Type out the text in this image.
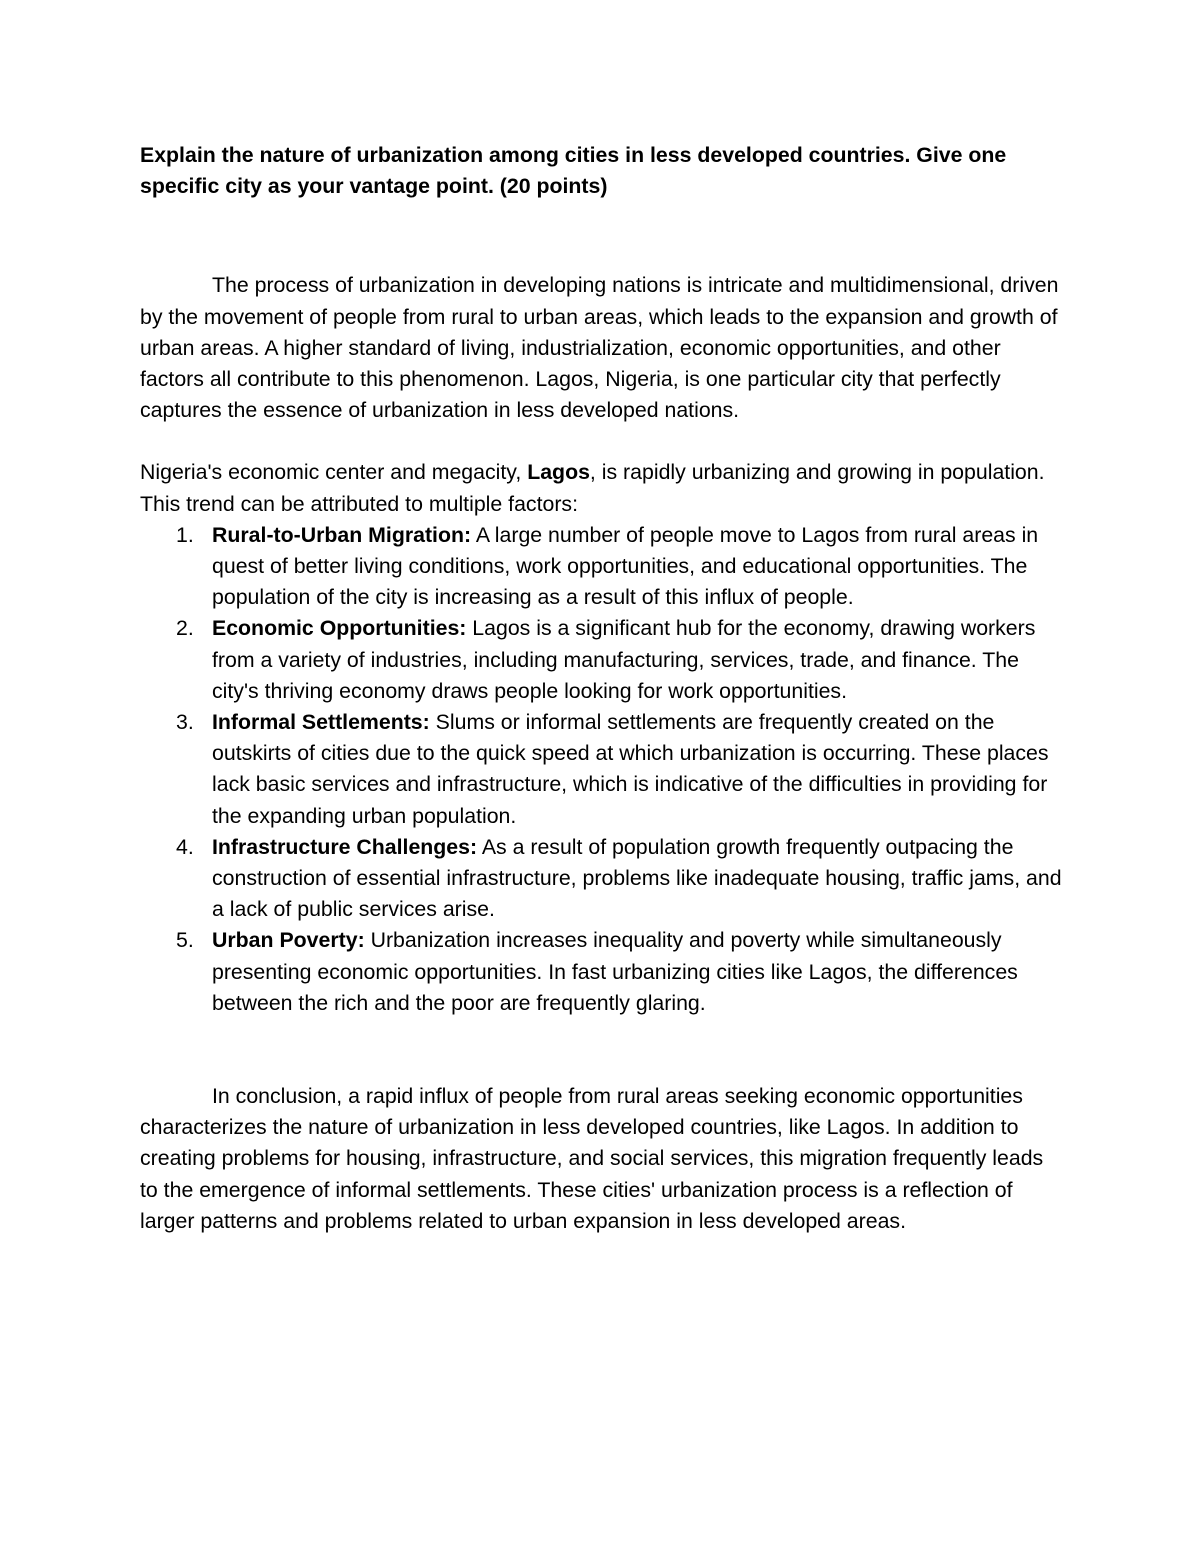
Explain the nature of urbanization among cities in less developed countries. Give one specific city as your vantage point. (20 points)

The process of urbanization in developing nations is intricate and multidimensional, driven by the movement of people from rural to urban areas, which leads to the expansion and growth of urban areas. A higher standard of living, industrialization, economic opportunities, and other factors all contribute to this phenomenon. Lagos, Nigeria, is one particular city that perfectly captures the essence of urbanization in less developed nations.

Nigeria's economic center and megacity, Lagos, is rapidly urbanizing and growing in population. This trend can be attributed to multiple factors:

1. Rural-to-Urban Migration: A large number of people move to Lagos from rural areas in quest of better living conditions, work opportunities, and educational opportunities. The population of the city is increasing as a result of this influx of people.
2. Economic Opportunities: Lagos is a significant hub for the economy, drawing workers from a variety of industries, including manufacturing, services, trade, and finance. The city's thriving economy draws people looking for work opportunities.
3. Informal Settlements: Slums or informal settlements are frequently created on the outskirts of cities due to the quick speed at which urbanization is occurring. These places lack basic services and infrastructure, which is indicative of the difficulties in providing for the expanding urban population.
4. Infrastructure Challenges: As a result of population growth frequently outpacing the construction of essential infrastructure, problems like inadequate housing, traffic jams, and a lack of public services arise.
5. Urban Poverty: Urbanization increases inequality and poverty while simultaneously presenting economic opportunities. In fast urbanizing cities like Lagos, the differences between the rich and the poor are frequently glaring.

In conclusion, a rapid influx of people from rural areas seeking economic opportunities characterizes the nature of urbanization in less developed countries, like Lagos. In addition to creating problems for housing, infrastructure, and social services, this migration frequently leads to the emergence of informal settlements. These cities' urbanization process is a reflection of larger patterns and problems related to urban expansion in less developed areas.
